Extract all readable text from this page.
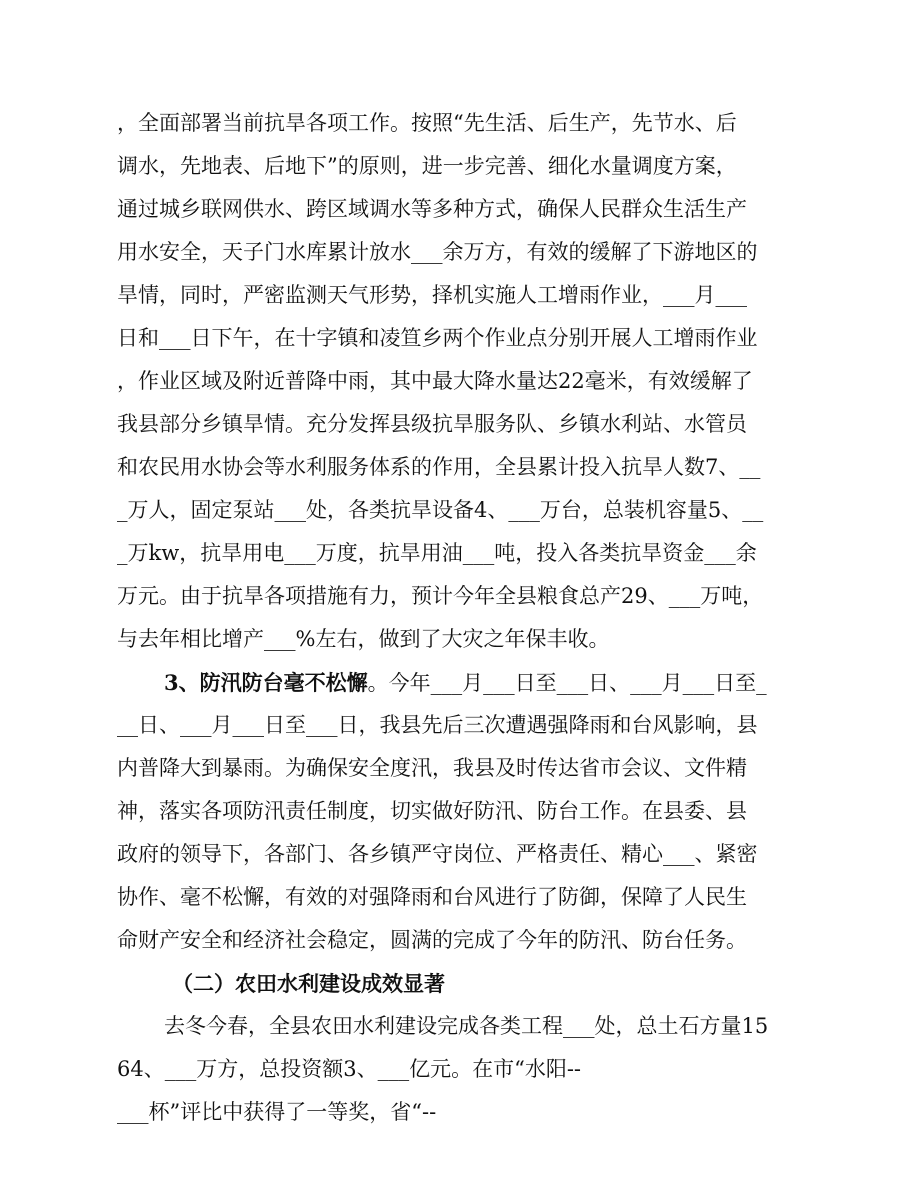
，全面部署当前抗旱各项工作。按照“先生活、后生产，先节水、后
调水，先地表、后地下”的原则，进一步完善、细化水量调度方案，
通过城乡联网供水、跨区域调水等多种方式，确保人民群众生活生产
用水安全，天子门水库累计放水___余万方，有效的缓解了下游地区的
旱情，同时，严密监测天气形势，择机实施人工增雨作业，___月___
日和___日下午，在十字镇和凌笪乡两个作业点分别开展人工增雨作业
，作业区域及附近普降中雨，其中最大降水量达22毫米，有效缓解了
我县部分乡镇旱情。充分发挥县级抗旱服务队、乡镇水利站、水管员
和农民用水协会等水利服务体系的作用，全县累计投入抗旱人数7、__
_万人，固定泵站___处，各类抗旱设备4、___万台，总装机容量5、__
_万kw，抗旱用电___万度，抗旱用油___吨，投入各类抗旱资金___余
万元。由于抗旱各项措施有力，预计今年全县粮食总产29、___万吨，
与去年相比增产___%左右，做到了大灾之年保丰收。
3、防汛防台毫不松懈。今年___月___日至___日、___月___日至_
__日、___月___日至___日，我县先后三次遭遇强降雨和台风影响，县
内普降大到暴雨。为确保安全度汛，我县及时传达省市会议、文件精
神，落实各项防汛责任制度，切实做好防汛、防台工作。在县委、县
政府的领导下，各部门、各乡镇严守岗位、严格责任、精心___、紧密
协作、毫不松懈，有效的对强降雨和台风进行了防御，保障了人民生
命财产安全和经济社会稳定，圆满的完成了今年的防汛、防台任务。
（二）农田水利建设成效显著
去冬今春，全县农田水利建设完成各类工程___处，总土石方量15
64、___万方，总投资额3、___亿元。在市“水阳--
___杯”评比中获得了一等奖，省“--
